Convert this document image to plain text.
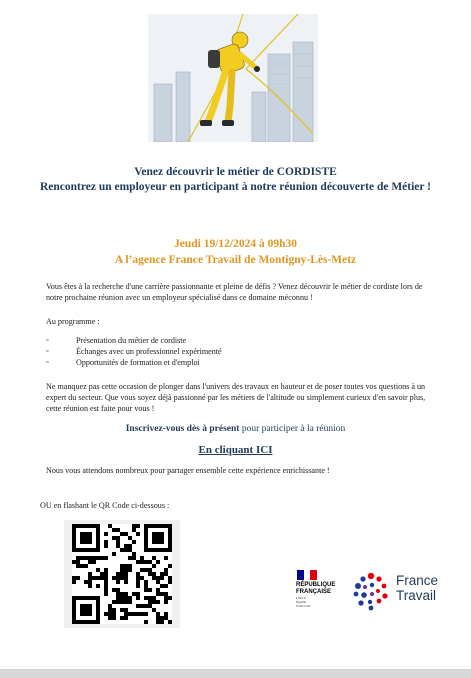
Venez découvrir le métier de CORDISTE
Rencontrez un employeur en participant à notre réunion découverte de Métier !
Jeudi 19/12/2024 à 09h30
A l’agence France Travail de Montigny-Lès-Metz
Vous êtes à la recherche d'une carrière passionnante et pleine de défis ? Venez découvrir le métier de cordiste lors de notre prochaine réunion avec un employeur spécialisé dans ce domaine méconnu !
Au programme :
▫	Présentation du métier de cordiste
▫	Échanges avec un professionnel expérimenté
▫	Opportunités de formation et d'emploi
Ne manquez pas cette occasion de plonger dans l'univers des travaux en hauteur et de poser toutes vos questions à un expert du secteur. Que vous soyez déjà passionné par les métiers de l'altitude ou simplement curieux d'en savoir plus, cette réunion est faite pour vous !
Inscrivez-vous dès à présent pour participer à la réunion
En cliquant ICI
Nous vous attendons nombreux pour partager ensemble cette expérience enrichissante !
OU en flashant le QR Code ci-dessous :
RÉPUBLIQUE
FRANÇAISE
Liberté
Égalité
Fraternité
France
Travail
